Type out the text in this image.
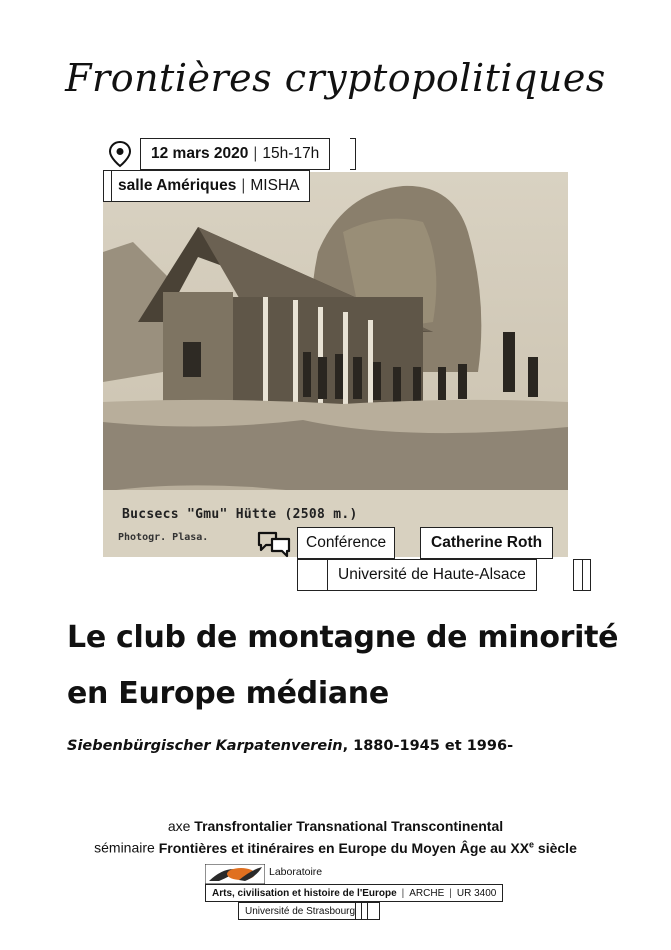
Frontières cryptopolitiques
Bucsecs "Gmu" Hütte (2508 m.)
Photogr. Plasa.
12 mars 2020 | 15h-17h
salle Amériques | MISHA
Conférence	Catherine Roth
Université de Haute-Alsace
Le club de montagne de minorité
en Europe médiane
Siebenbürgischer Karpatenverein, 1880-1945 et 1996-
axe Transfrontalier Transnational Transcontinental
séminaire Frontières et itinéraires en Europe du Moyen Âge au XXe siècle
Laboratoire
Arts, civilisation et histoire de l'Europe | ARCHE | UR 3400
Université de Strasbourg
